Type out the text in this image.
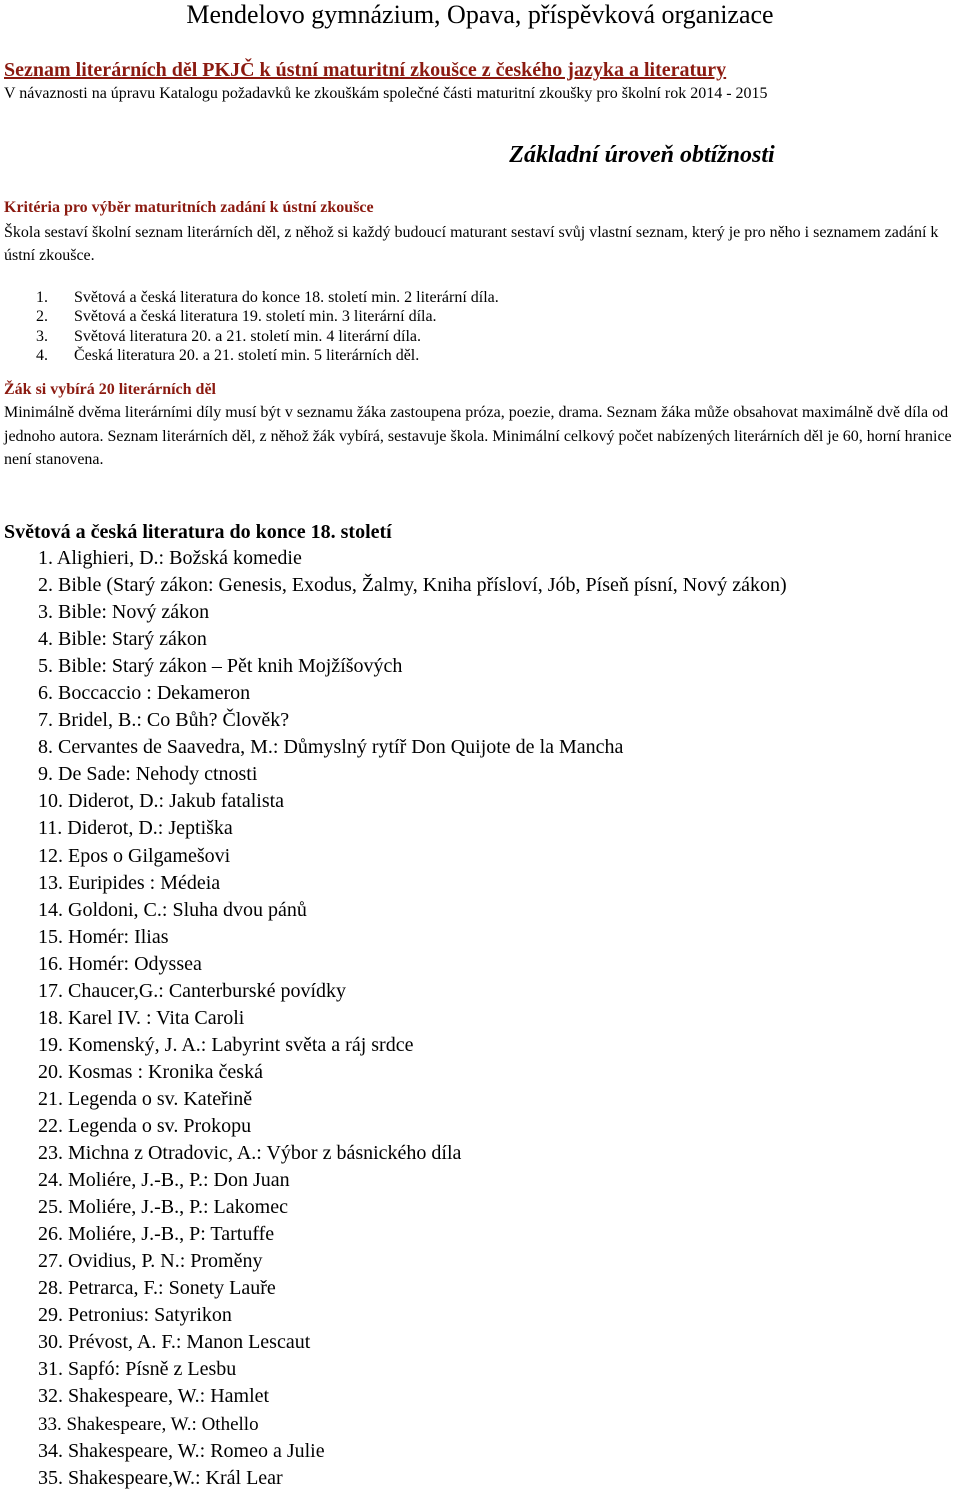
Mendelovo gymnázium, Opava, příspěvková organizace
Seznam literárních děl PKJČ k ústní maturitní zkoušce z českého jazyka a literatury
V návaznosti na úpravu Katalogu požadavků ke zkouškám společné části maturitní zkoušky pro školní rok 2014 - 2015
Základní úroveň obtížnosti
Kritéria pro výběr maturitních zadání k ústní zkoušce
Škola sestaví školní seznam literárních děl, z něhož si každý budoucí maturant sestaví svůj vlastní seznam, který je pro něho i seznamem zadání k ústní zkoušce.
1. Světová a česká literatura do konce 18. století min. 2 literární díla.
2. Světová a česká literatura 19. století min. 3 literární díla.
3. Světová literatura 20. a 21. století min. 4 literární díla.
4. Česká literatura 20. a 21. století min. 5 literárních děl.
Žák si vybírá 20 literárních děl
Minimálně dvěma literárními díly musí být v seznamu žáka zastoupena próza, poezie, drama. Seznam žáka může obsahovat maximálně dvě díla od jednoho autora. Seznam literárních děl, z něhož žák vybírá, sestavuje škola. Minimální celkový počet nabízených literárních děl je 60, horní hranice není stanovena.
Světová a česká literatura do konce 18. století
1. Alighieri, D.: Božská komedie
2. Bible (Starý zákon: Genesis, Exodus, Žalmy, Kniha přísloví, Jób, Píseň písní, Nový zákon)
3. Bible: Nový zákon
4. Bible: Starý zákon
5. Bible: Starý zákon – Pět knih Mojžíšových
6. Boccaccio : Dekameron
7. Bridel, B.: Co Bůh? Člověk?
8. Cervantes de Saavedra, M.: Důmyslný rytíř Don Quijote de la Mancha
9. De Sade: Nehody ctnosti
10. Diderot, D.: Jakub fatalista
11. Diderot, D.: Jeptiška
12. Epos o Gilgamešovi
13. Euripides : Médeia
14. Goldoni, C.: Sluha dvou pánů
15. Homér: Ilias
16. Homér: Odyssea
17. Chaucer,G.: Canterburské povídky
18. Karel IV. : Vita Caroli
19. Komenský, J. A.: Labyrint světa a ráj srdce
20. Kosmas : Kronika česká
21. Legenda o sv. Kateřině
22. Legenda o sv. Prokopu
23. Michna z Otradovic, A.: Výbor z básnického díla
24. Moliére, J.-B., P.: Don Juan
25. Moliére, J.-B., P.: Lakomec
26. Moliére, J.-B., P: Tartuffe
27. Ovidius, P. N.: Proměny
28. Petrarca, F.: Sonety Lauře
29. Petronius: Satyrikon
30. Prévost, A. F.: Manon Lescaut
31. Sapfó: Písně z Lesbu
32. Shakespeare, W.: Hamlet
33. Shakespeare, W.: Othello
34. Shakespeare, W.: Romeo a Julie
35. Shakespeare,W.: Král Lear
